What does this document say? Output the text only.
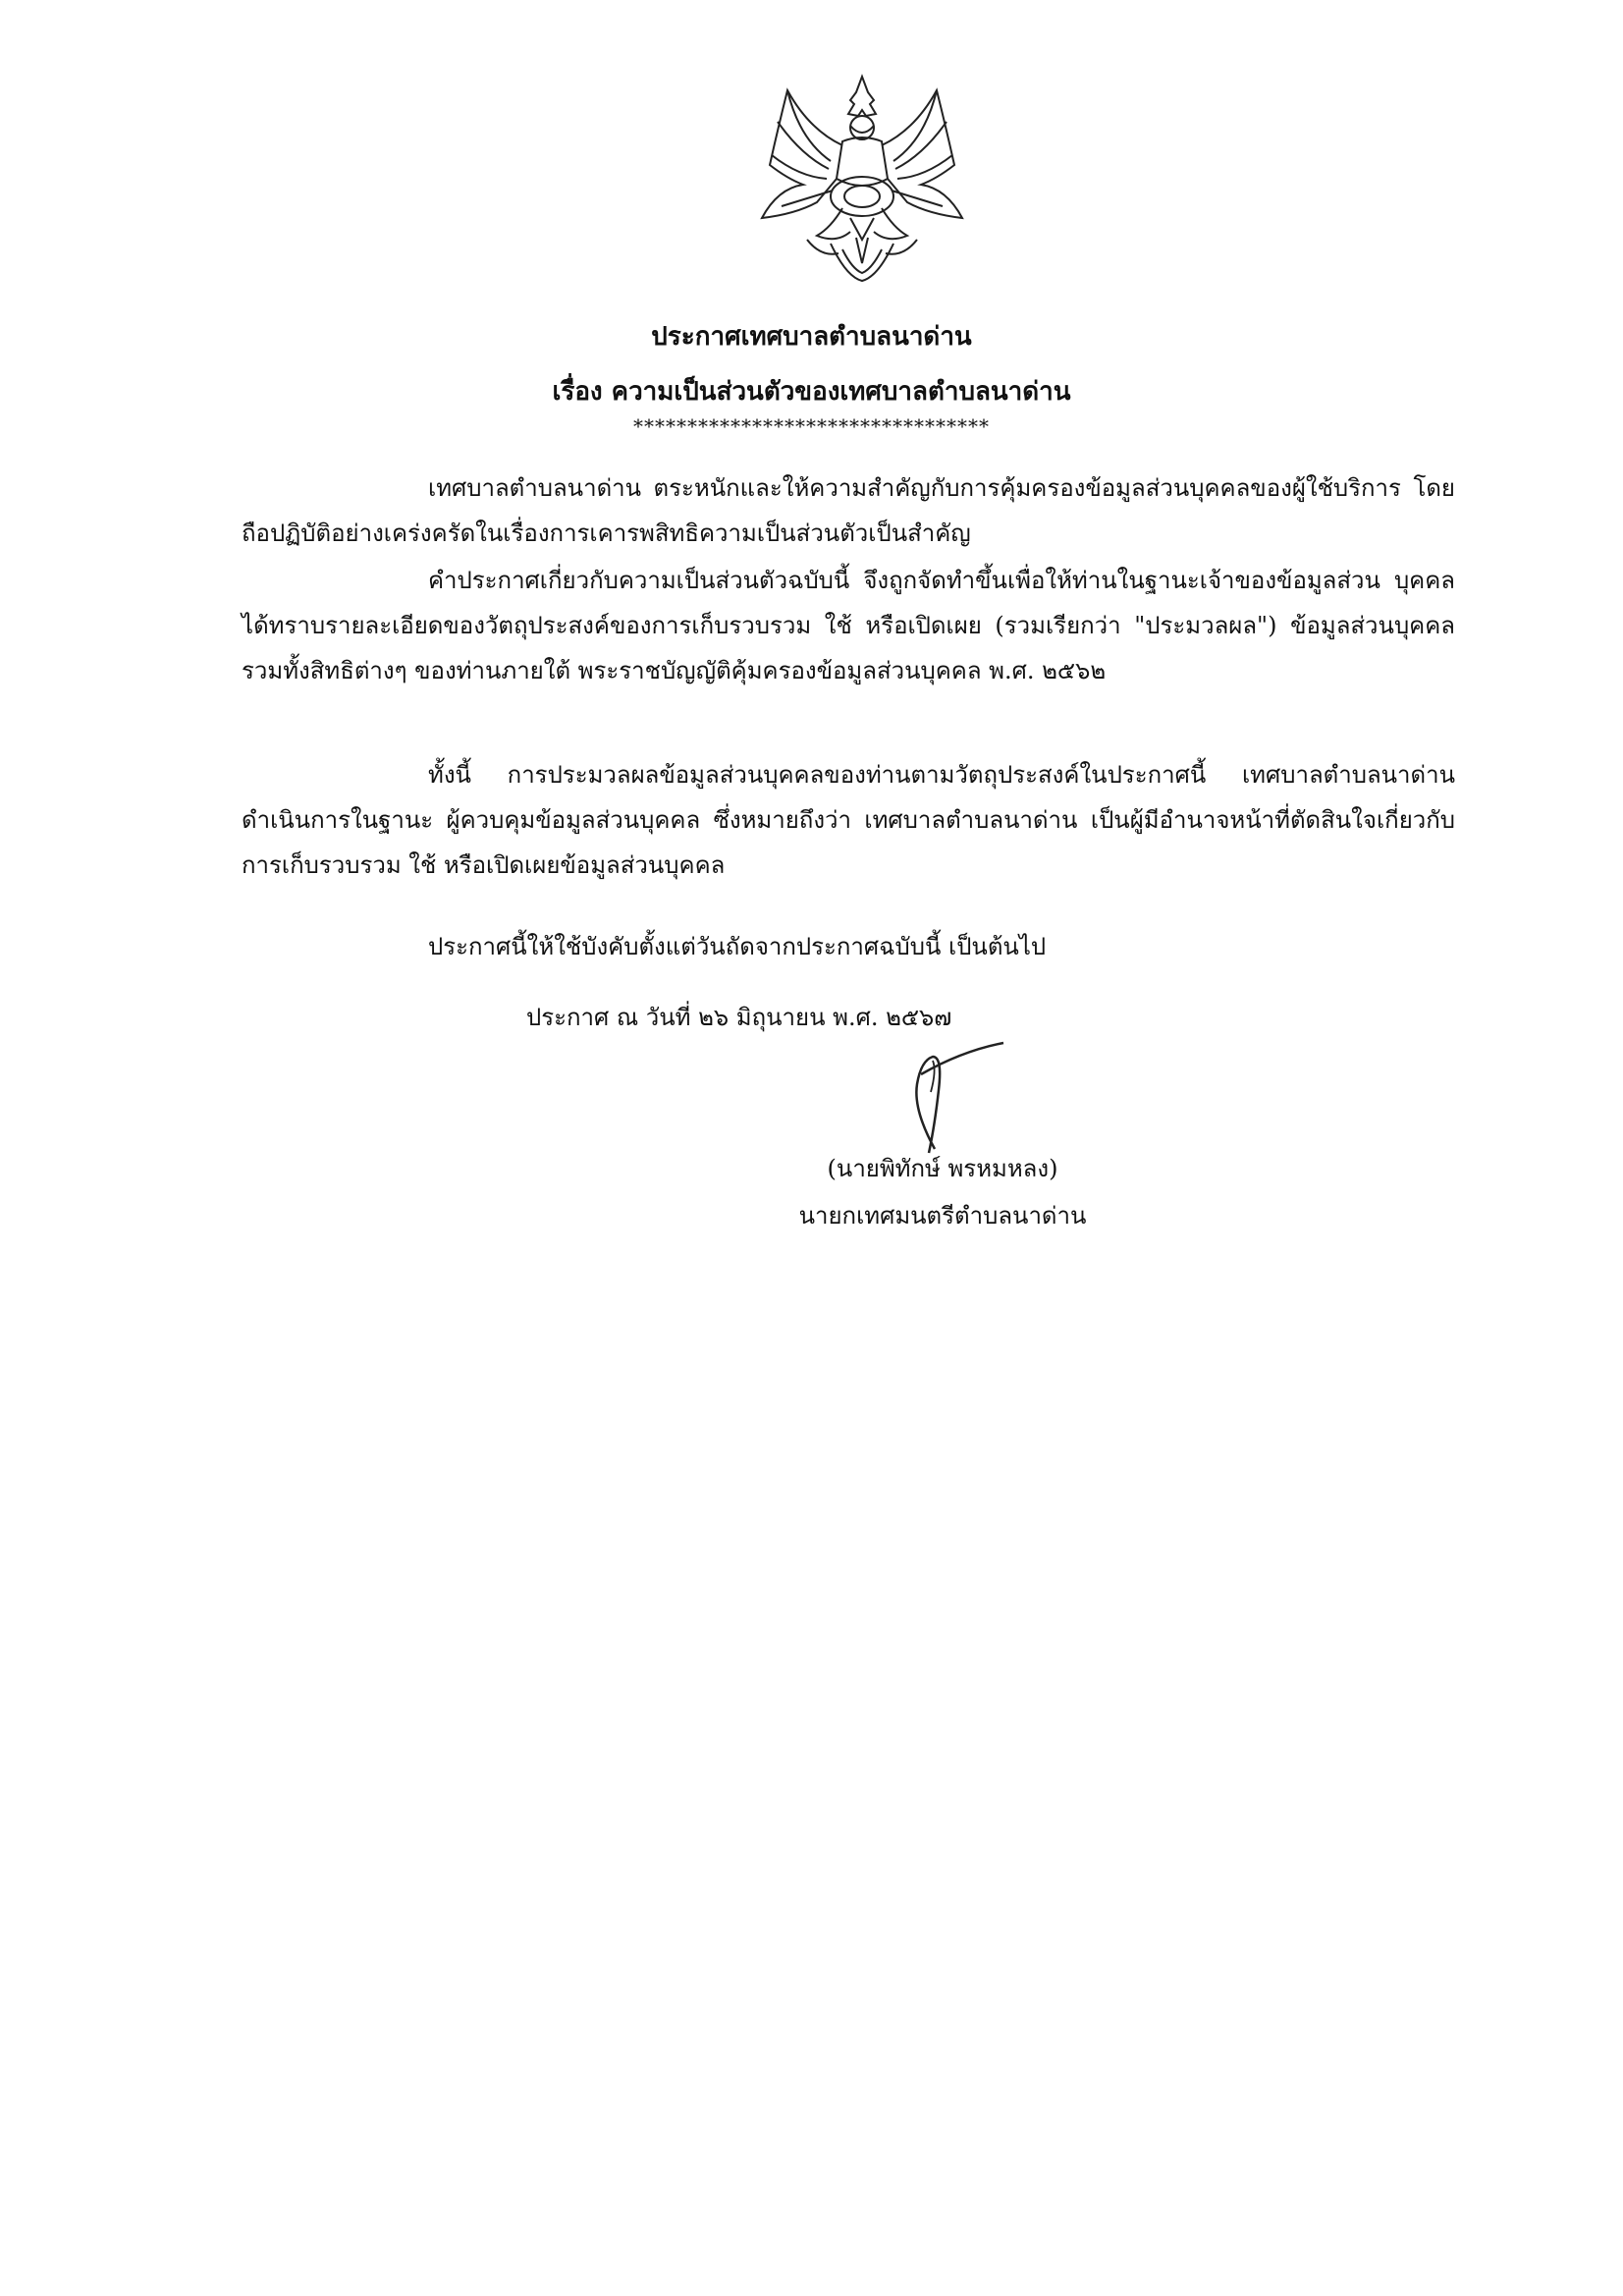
ประกาศเทศบาลตำบลนาด่าน
เรื่อง ความเป็นส่วนตัวของเทศบาลตำบลนาด่าน
*********************************
เทศบาลตำบลนาด่าน ตระหนักและให้ความสำคัญกับการคุ้มครองข้อมูลส่วนบุคคลของผู้ใช้บริการ โดยถือปฏิบัติอย่างเคร่งครัดในเรื่องการเคารพสิทธิความเป็นส่วนตัวเป็นสำคัญ
คำประกาศเกี่ยวกับความเป็นส่วนตัวฉบับนี้ จึงถูกจัดทำขึ้นเพื่อให้ท่านในฐานะเจ้าของข้อมูลส่วน บุคคลได้ทราบรายละเอียดของวัตถุประสงค์ของการเก็บรวบรวม ใช้ หรือเปิดเผย (รวมเรียกว่า "ประมวลผล") ข้อมูลส่วนบุคคล รวมทั้งสิทธิต่างๆ ของท่านภายใต้ พระราชบัญญัติคุ้มครองข้อมูลส่วนบุคคล พ.ศ. ๒๕๖๒
ทั้งนี้ การประมวลผลข้อมูลส่วนบุคคลของท่านตามวัตถุประสงค์ในประกาศนี้ เทศบาลตำบลนาด่าน ดำเนินการในฐานะ ผู้ควบคุมข้อมูลส่วนบุคคล ซึ่งหมายถึงว่า เทศบาลตำบลนาด่าน เป็นผู้มีอำนาจหน้าที่ตัดสินใจเกี่ยวกับการเก็บรวบรวม ใช้ หรือเปิดเผยข้อมูลส่วนบุคคล
ประกาศนี้ให้ใช้บังคับตั้งแต่วันถัดจากประกาศฉบับนี้ เป็นต้นไป
ประกาศ ณ วันที่ ๒๖ มิถุนายน พ.ศ. ๒๕๖๗
(นายพิทักษ์ พรหมหลง)
นายกเทศมนตรีตำบลนาด่าน
